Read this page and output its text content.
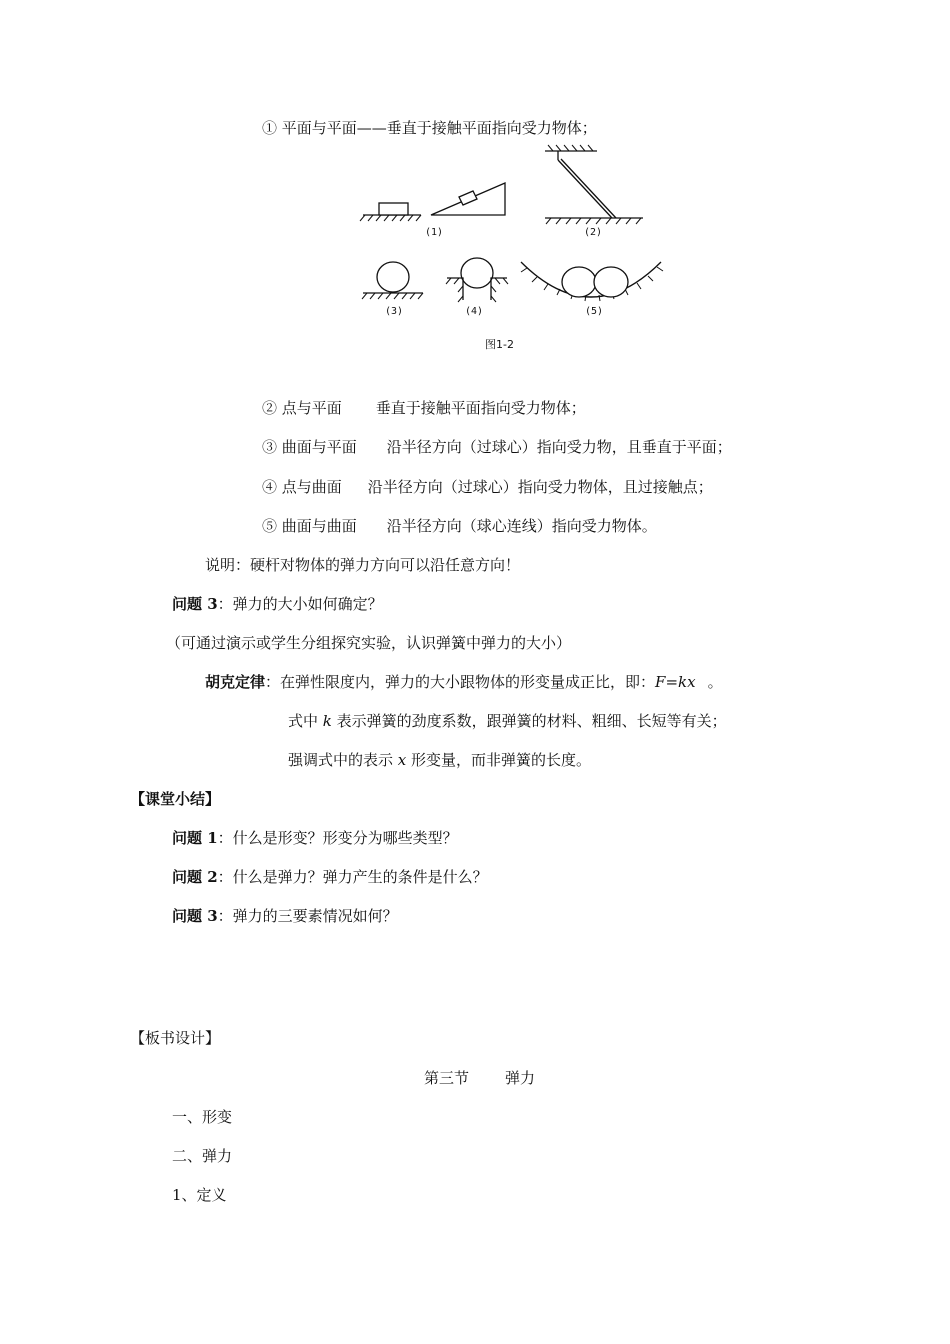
① 平面与平面——垂直于接触平面指向受力物体；
(1)	(2)
(3)	(4)	(5)
图1-2
② 点与平面 垂直于接触平面指向受力物体；
③ 曲面与平面 沿半径方向（过球心）指向受力物，且垂直于平面；
④ 点与曲面 沿半径方向（过球心）指向受力物体，且过接触点；
⑤ 曲面与曲面 沿半径方向（球心连线）指向受力物体。
说明：硬杆对物体的弹力方向可以沿任意方向！
问题 3：弹力的大小如何确定？
（可通过演示或学生分组探究实验，认识弹簧中弹力的大小）
胡克定律：在弹性限度内，弹力的大小跟物体的形变量成正比，即：F=kx 。
式中 k 表示弹簧的劲度系数，跟弹簧的材料、粗细、长短等有关；
强调式中的表示 x 形变量，而非弹簧的长度。
【课堂小结】
问题 1：什么是形变？形变分为哪些类型？
问题 2：什么是弹力？弹力产生的条件是什么？
问题 3：弹力的三要素情况如何？
【板书设计】
第三节 弹力
一、形变
二、弹力
1、定义
